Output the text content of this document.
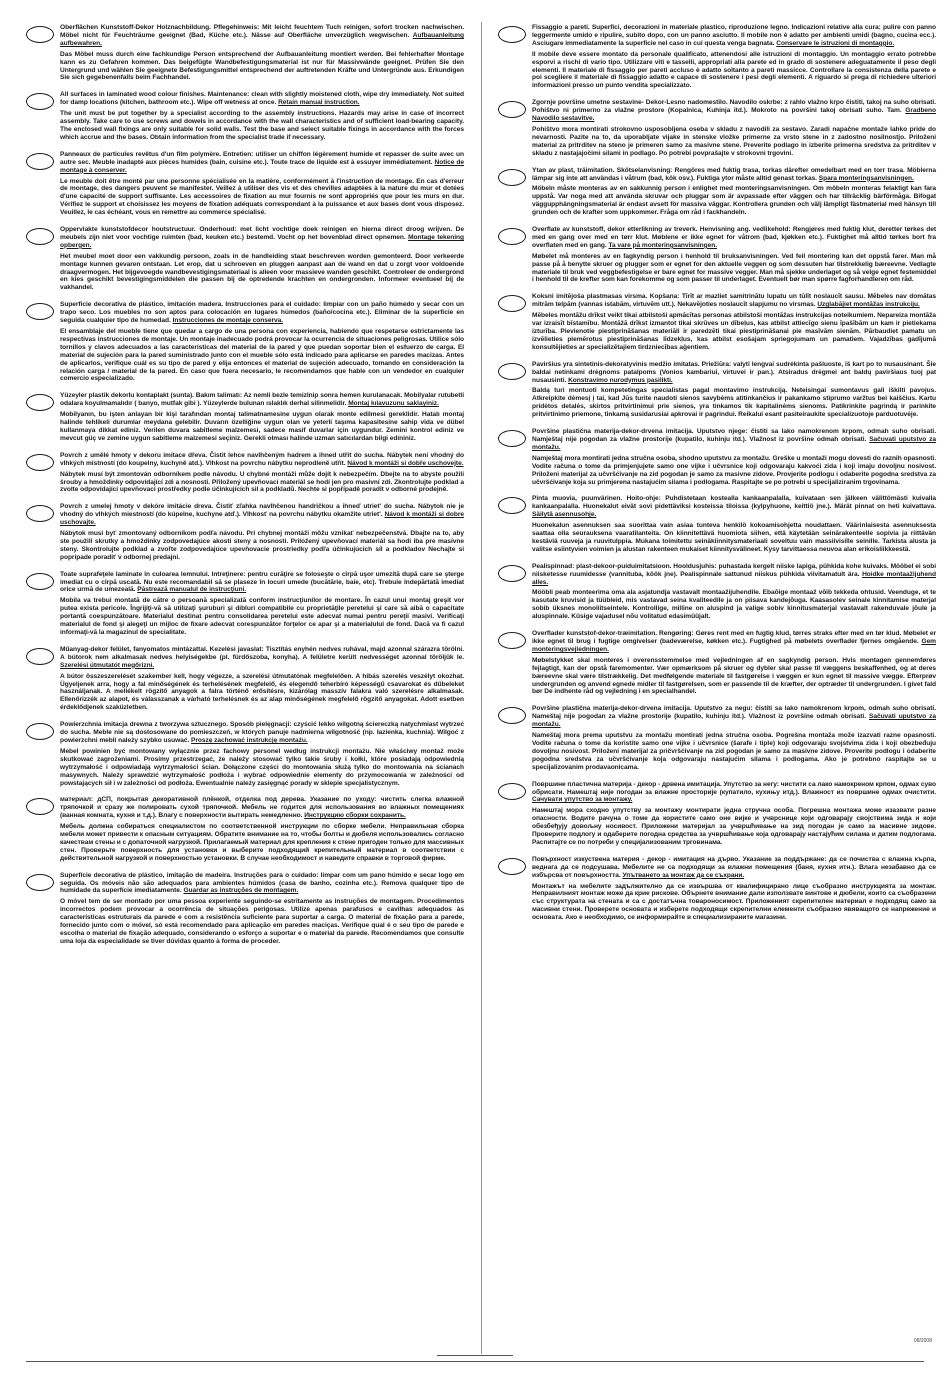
Oberflächen Kunststoff-Dekor Holznachbildung. Pflegehinweis: Mit leicht feuchtem Tuch reinigen, sofort trocken nachwischen. Möbel nicht für Feuchträume geeignet (Bad, Küche etc.). Nässe auf Oberfläche unverzüglich wegwischen. Aufbauanleitung aufbewahren.

Das Möbel muss durch eine fachkundige Person entsprechend der Aufbauanleitung montiert werden. Bei fehlerhafter Montage kann es zu Gefahren kommen. Das beigefügte Wandbefestigungsmaterial ist nur für Massivwände geeignet. Prüfen Sie den Untergrund und wählen Sie geeignete Befestigungsmittel entsprechend der auftretenden Kräfte und Untergründe aus. Erkundigen Sie sich gegebenenfalls beim Fachhandel.

All surfaces in laminated wood colour finishes. Maintenance: clean with slightly moistened cloth, wipe dry immediately. Not suited for damp locations (kitchen, bathroom etc.). Wipe off wetness at once. Retain manual instruction.

The unit must be put together by a specialist according to the assembly instructions. Hazards may arise in case of incorrect assembly. Take care to use screws and dowels in accordance with the wall characteristics and of sufficient load-bearing capacity. The enclosed wall fixings are only suitable for solid walls. Test the base and select suitable fixings in accordance with the forces which accrue and the bases. Obtain information from the specialist trade if necessary.

Panneaux de particules revêtus d'un film polymère. Entretien: utiliser un chiffon légèrement humide et repasser de suite avec un autre sec. Meuble inadapté aux pièces humides (bain, cuisine etc.). Toute trace de liquide est à essuyer immédiatement. Notice de montage à conserver.

Le meuble doit être monté par une personne spécialisée en la matière, conformément à l'instruction de montage. En cas d'erreur de montage, des dangers peuvent se manifester. Veillez à utiliser des vis et des chevilles adaptées à la nature du mur et dotées d'une capacité de support suffisante. Les accessoires de fixation au mur fournis ne sont appropriés que pour les murs en dur. Vérifiez le support et choisissez les moyens de fixation adéquats correspondant à la puissance et aux bases dont vous disposez. Veuillez, le cas échéant, vous en remettre au commerce spécialisé.

Oppervlakte kunststofdecor houtstructuur. Onderhoud: met licht vochtige doek reinigen en hierna direct droog wrijven. De meubels zijn niet voor vochtige ruimten (bad, keuken etc.) bestemd. Vocht op het bovenblad direct opnemen. Montage tekening opbergen.

Het meubel moet door een vakkundig persoon, zoals in de handleiding staat beschreven worden gemonteerd. Door verkeerde montage kunnen gevaren ontstaan. Let erop, dat u schroeven en pluggen aanpast aan de wand en dat u zorgt voor voldoende draagvermogen. Het bijgevoegde wandbevestigingsmateriaal is alleen voor massieve wanden geschikt. Controleer de ondergrond en kies geschikt bevestigingsmiddelen die passen bij de optredende krachten en ondergronden. Informeer eventueel bij de vakhandel.

Superficie decorativa de plástico, imitación madera. Instrucciones para el cuidado: limpiar con un paño húmedo y secar con un trapo seco. Los muebles no son aptos para colocación en lugares húmedos (baño/cocina etc.). Eliminar de la superficie en seguida cualquier tipo de humedad. Instrucciones de montaje conserva.

El ensamblaje del mueble tiene que quedar a cargo de una persona con experiencia, habiendo que respetarse estrictamente las respectivas instrucciones de montaje. Un montaje inadecuado podrá provocar la ocurrencia de situaciones peligrosas. Utilice sólo tornillos y clavos adecuados a las características del material de la pared y que puedan soportar bien el esfuerzo de carga. El material de sujeción para la pared suministrado junto con el mueble sólo está indicado para aplicarse en paredes macizas. Antes de aplicarlos, verifique cuál es su tipo de pared y elija entonces el material de sujeción adecuado, tomando en consideración la relación carga / material de la pared. En caso que fuera necesario, le recomendamos que hable con un vendedor en cualquier comercio especializado.

Yüzeyler plastik dekorlu kontaplakt (sunta). Bakım talimatı: Az nemli bezle temizlnip sonra hemen kurulanacak. Mobilyalar rutubetli odalara koyulmamalıdır ( banyo, mutfak gibi ). Yüzeylerde bulunan ıslaklık derhal silinmelidir. Montaj kılavuzunu saklayiniz.

Mobilyanın, bu işten anlayan bir kişi tarafından montaj talimatnamesine uygun olarak monte edilmesi gereklidir. Hatalı montaj halinde tehlikeli durumlar meydana gelebilir. Duvarın özelliğine uygun olan ve yeterli taşıma kapasitesine sahip vida ve dübel kullanmaya dikkat ediniz. Verilen duvara sabitleme malzemesi, sadece masif duvarlar için uygundur. Zemini kontrol ediniz ve mevcut güç ve zemine uygun sabitleme malzemesi seçiniz. Gerekli olması halinde uzman satıcılardan bilgi edininiz.

Povrch z umělé hmoty v dekoru imitace dřeva. Čistit lehce navlhčeným hadrem a ihned utřít do sucha. Nábytek není vhodný do vlhkých místností (do koupelny, kuchyně atd.). Vlhkost na povrchu nábytku neprodleně utřít. Návod k montáži si dobře uschovejte.

Nábytek musí být zmontován odborníkem podle návodu. U chybné montáži může dojít k nebezpečím. Dbejte na to abyste použili šrouby a hmoždinky odpovídající zdi a nosnosti. Přiložený upevňovací materiál se hodí jen pro masivní zdi. Zkontrolujte podklad a zvolte odpovídající upevňovací prostředky podle účinkujících sil a podkladů. Nechte si popřípadě poradit v odborné prodejně.

Povrch z umelej hmoty v dekóre imitácie dreva. Čistiť zľahka navlhčenou handričkou a ihneď utriet' do sucha. Nábytok nie je vhodný do vlhkých miestností (do kúpelne, kuchyne atď.). Vlhkosť na povrchu nábytku okamžite utriet'. Návod k montáži si dobre uschovajte.

Nábytok musí byť zmontovaný odborníkom podľa návodu. Pri chybnej montáži môžu vznikať nebezpečenstvá. Dbajte na to, aby ste použili skrutky a hmoždinky zodpovedajúce akosti steny a nosnosti. Priložený upevňovací materiál sa hodí iba pre masívne steny. Skontrolujte podklad a zvoľte zodpovedajúce upevňovacie prostriedky podľa účinkujúcich síl a podkladov Nechajte si poprípade poradiť v odbornej predajni.

Toate suprafeţele laminate în culoarea lemnului. Intreţinere: pentru curăţire se foloseşte o cîrpă uşor umezită după care se şterge imediat cu o cîrpă uscată. Nu este recomandabil să se plaseze în locuri umede (bucătărie, baie, etc). Trebuie îndepărtată imediat orice urmă de umezeală. Păstrează manualul de instrucţiuni.

Mobila va trebui montată de către o persoană specializată conform instrucţiunilor de montare. În cazul unui montaj greşit vor putea exista pericole. Îngrijiţi-vă să utilizaţi şuruburi şi dibluri compatibile cu proprietăţile peretelui şi care să aibă o capacitate portantă coespunzătoare. Materialul destinat pentru consolidarea peretelui este adecvat numai pentru pereţii masivi. Verificaţi materialul de fond şi alegeţi un mijloc de fixare adecvat corespunzător forţelor ce apar şi a materialului de fond. Dacă va fi cazul informaţi-vă la magazinul de specialitate.

Műanyag-dekor felület, fanyomatos mintázattal. Kezelési javaslat: Tisztítás enyhén nedves ruhával, majd azonnal szárazra törölni. A bútorok nem alkalmasak nedves helyiségekbe (pl. fürdőszoba, konyha). A felületre került nedvességet azonnal töröljük le. Szerelési útmutatót megőrizni.

A bútor összeszerelését szakember kell, hogy végezze, a szerelési útmutatónak megfelelően. A hibás szerelés veszélyt okozhat. Ügyeljenek arra, hogy a fal minőségének és terhelésének megfelelő, és elegendő teherbíró képességű csavarokat és dűbeleket használjanak. A mellékelt rögzítő anyagok a falra történő erősítésre, kizárólag masszív falakra való szerelésre alkalmasak. Ellenőrizzék az alapot, és válasszanak a várható terhelésnek és az alap minőségének megfelelő rögzítő anyagokat. Adott esetben érdeklődjenek szaküzletben.

Powierzchnia imitacja drewna z tworzywa sztucznego. Sposób pielęgnacji: czyścić lekko wilgotną ściereczką natychmiast wytrzeć do sucha. Meble nie są dostosowane do pomieszczeń, w których panuje nadmierna wilgotność (np. łazienka, kuchnia). Wilgoć z powierzchni mebli należy szybko usuwać. Proszę zachować instrukcję montażu.

Mebel powinien być montowany wyłącznie przez fachowy personel według instrukcji montażu. Nie właściwy montaż może skutkować zagrożeniami. Prosimy przestrzegać, że należy stosować tylko takie śruby i kołki, które posiadają odpowiednią wytrzymałość i odpowiadają wytrzymałości ścian. Dołączone części do montowania służą tylko do montowania na ścianach masywnych. Należy sprawdzić wytrzymałość podłoża i wybrać odpowiednie elementy do przymocowania w zależności od powstających sił i w zależności od podłoża. Ewentualnie należy zasięgnąć porady w sklepie specjalistycznym.

материал: дСП, покрытая декоративной плёнкой, отделка под дерева. Указание по уходу: чистить слегка влажной тряпочкой и сразу же полировать сухой тряпочкой. Мебель не годится для использования во влажных помещениях (ванная комната, кухня и т.д.). Влагу с поверхности вытирать немедленно. Инструкцию сборки сохранить.

Мебель должна собираться специалистом по соответственной инструкции по сборке мебели. Неправильная сборка мебели может привести к опасным ситуациям. Обратите внимание на то, чтобы болты и дюбеля использовались согласно качествам стены и с допаточной нагрузкой. Прилагаемый материал для крепления к стене пригоден только для массивных стен. Проверьте поверхность для установки и выберите подходящий крепительный материал в соответствии с действительной нагрузкой и поверхностью установки. В случае необходимост и наведите справки в торговой фирме.

Superfície decorativa de plástico, imitação de madeira. Instruções para o cuidado: limpar com um pano húmido e secar logo em seguida. Os móveis não são adequados para ambientes húmidos (casa de banho, cozinha etc.). Remova qualquer tipo de humidade da superfície imediatamente. Guardar as instruções de montagem.

O móvel tem de ser montado por uma pessoa experiente seguindo-se estritamente as instruções de montagem. Procedimentos incorrectos podem provocar a ocorrência de situações perigosas. Utilize apenas parafusos e cavilhas adequados às características estruturais da parede e com a resistência suficiente para suportar a carga. O material de fixação para a parede, fornecido junto com o móvel, só está recomendado para aplicação em paredes maciças. Verifique qual é o seu tipo de parede e escolha o material de fixação adequado, considerando o esforço a suportar e o material da parede. Recomendamos que consulte uma loja da especialidade se tiver dúvidas quanto à forma de proceder.

Fissaggio a pareti. Superfici, decorazioni in materiale plastico, riproduzione legno. Indicazioni relative alla cura: pulire con panno leggermente umido e ripulire, subito dopo, con un panno asciutto. Il mobile non è adatto per ambienti umidi (bagno, cucina ecc.). Asciugare immediatamente la superficie nel caso in cui questa venga bagnata. Conservare le istruzioni di montaggio.

Il mobile deve essere montato da personale qualificato, attenendosi alle istruzioni di montaggio. Un montaggio errato potrebbe esporvi a rischi di vario tipo. Utilizzare viti e tasselli, appropriati alla parete ed in grado di sostenere adeguatamente il peso degli elementi. Il materiale di fissaggio per pareti accluso è adatto soltanto a pareti massicce. Controllare la consistenza della parete e poi scegliere il materiale di fissaggio adatto e capace di sostenere i pesi degli elementi. A riguardo si prega di richiedere ulteriori informazioni presso un punto vendita specializzato.

Zgornje površine umetne sestavine- Dekor-Lesno nadomestilo. Navodilo oskrbe: z rahlo vlažno krpo čistiti, takoj na suho obrisati. Pohištvo ni primerno za vlažne prostore (Kopalnica, Kuhinja itd.). Mokroto na površini takoj obrisati suho. Tam. Gradbeno Navodilo sestavitve.

Pohištvo mora montirati strokovno usposobljena oseba v skladu z navodili za sestavo. Zaradi napačne montaže lahko pride do nevarnosti. Pazite na to, da uporabljate vijake in stenske vložke primerne za vrsto stene in z zadostno nosilnostjo. Priloženi material za pritrditev na steno je primeren samo za masivne stene. Preverite podlago in izberite primerna sredstva za pritrditev v skladu z nastajajočimi silami in podlago. Po potrebi povprašajte v strokovni trgovini.

Ytan av plast, träimitation. Skötselanvisning: Rengöres med fuktig trasa, torkas därefter omedelbart med en torr trasa. Möblerna lämpar sig inte att användas i våtrum (bad, kök osv.). Fuktiga ytor måste alltid genast torkas. Spara monteringsanvisningen.

Möbeln måste monteras av en sakkunnig person i enlighet med monteringsanvisningen. Om möbeln monteras felaktigt kan fara uppstå. Var noga med att använda skruvar och pluggar som är avpassade efter väggen och har tillräcklig bärförmåga. Bifogat väggupphängningsmaterial är endast avsett för massiva väggar. Kontrollera grunden och välj lämpligt fästmaterial med hänsyn till grunden och de krafter som uppkommer. Fråga om råd i fackhandeln.

Overflate av kunststoff, dekor etterlikning av treverk. Henvisning ang. vedlikehold: Rengjøres med fuktig klut, deretter tørkes det med en gang over med en tørr klut. Møblene er ikke egnet for våtrom (bad, kjøkken etc.). Fuktighet må alltid tørkes bort fra overflaten med en gang. Ta vare på monteringsanvisningen.

Møbelet må monteres av en fagkyndig person i henhold til bruksanvisningen. Ved feil montering kan det oppstå farer. Man må passe på å benytte skruer og plugger som er egnet for den aktuelle veggen og som dessuten har tilstrekkelig bæreevne. Vedlagte materiale til bruk ved veggbefestigelse er bare egnet for massive vegger. Man må sjekke underlaget og så velge egnet festemiddel i henhold til de krefter som kan forekomme og som passer til underlaget. Eventuelt bør man spørre fagforhandleren om råd.

Koksni imitējoša plastmasas virsma. Kopšana: Tīrīt ar mazliet samitrinātu lupatu un tūlīt noslaucīt sausu. Mēbeles nav domātas mitrām telpām (vannas istabām, virtuvēm utt.). Nekavējoties noslaucīt slapjumu no virsmas. Uzglabājiet montāžas instrukciju.

Mēbeles montāžu drīkst veikt tikai atbilstoši apmācītas personas atbilstoši montāžas instrukcijas noteikumiem. Nepareiza montāža var izraisīt bīstamību. Montāžā drīkst izmantot tikai skrūves un dībeļus, kas atbilst attiecīgo sienu īpašībām un kam ir pietiekama izturība. Pievienotie piestiprināšanas materiāli ir paredzēti tikai piestiprināšanai pie masīvām sienām. Pārbaudiet pamatu un izvēlieties piemērotus piestiprināšanas līdzekļus, kas atbilst esošajam spriegojumam un pamatiem. Vajadzības gadījumā konsultējieties ar specializētajiem tirdzniecības aģentiem.

Paviršius yra sintetinis-dekoratyvinis medžio imitatas. Priežiūra: valyti lengvai sudrėkinta pašluoste, iš kart po to nusausinant. Šie baldai netinkami drėgnoms patalpoms (Vonios kambariui, virtuvei ir pan.). Atsiradus drėgmei ant baldų paviršiaus tuoj pat nusausinti. Konstravimo nurodymus pasilikti.

Baldą turi montuoti kompetetingas specialistas pagal montavimo instrukciją. Neteisingai sumontavus gali iškilti pavojus. Atkreipkite dėmesį į tai, kad Jūs turite naudoti sienos savybėms atitinkančius ir pakankamo stiprumo varžtus bei kaiščius. Kartu pridėtos detalės, skirtos pritvirtinimui prie sienos, yra tinkamos tik kapitalinėms sienoms. Patikrinkite pagrindą ir parinkite pritvirtinimo priemone, tinkamą susidarusiai apkrovai ir pagrindui. Reikalui esant pasiteiraukite specializuotoje parduotuvėje.

Površine plastična materija-dekor-drvena imitacija. Uputstvo njege: čistiti sa lako namokrenom krpom, odmah suho obrisati. Namještaj nije pogodan za vlažne prostorije (kupatilo, kuhinju itd.). Vlažnost iz površine odmah obrisati. Sačuvati uputstvo za montažu.

Namještaj mora montirati jedna stručna osoba, shodno uputstvu za montažu. Greške u montaži mogu dovesti do raznih opasnosti. Vodite računa o tome da primjenjujete samo one vijke i učvrsnice koji odgovaraju kakvoći zida i koji imaju dovoljnu nosivost. Priloženi materijal za učvršćivanje na zid pogodan je samo za masivne zidove. Provjerite podlogu i odaberite pogodna sredstva za učvršćivanje koja su primjerena nastajućim silama i podlogama. Raspitajte se po potrebi u specijaliziranim trgovinama.

Pinta muovia, puunvärinen. Hoito-ohje: Puhdistetaan kostealla kankaanpalalla, kuivataan sen jälkeen välittömästi kuivalla kankaanpalalla. Huonekalut eivät sovi pidettäviksi kosteissa tiloissa (kylpyhuone, keittiö jne.). Märät pinnat on heti kuivattava. Säilytä asennusohje.

Huonekalun asennuksen saa suorittaa vain asiaa tunteva henkilö kokoamisohjetta noudattaen. Väärinlaisesta asennuksesta saattaa olla seurauksena vaaratilanteita. On kiinnitettävä huomiota siihen, että käytetään seinärakenteelle sopivia ja riittävän kestäviä ruuveja ja ruuvitulppia. Mukana toimitettu seinäkiinnitysmateriaali soveltuu vain massiivisille seinille. Tarkista alusta ja valitse esiintyvien voimien ja alustan rakenteen mukaiset kiinnitysvälineet. Kysy tarvittaessa neuvoa alan erikoisliikkeestä.

Pealispinnad: plast-dekoor-puiduimitatsioon. Hooldusjuhis: puhastada kergelt niiske lapiga, pühkida kohe kuivaks. Mööbel ei sobi niisketesse ruumidesse (vannituba, köök jne). Pealispinnale sattunud niiskus pühkida viivitamatult ära. Hoidke montaažijuhend alles.

Mööbli peab monteerima oma ala asjatundja vastavalt montaažijuhendile. Ebaõige montaaž võib tekkeda ohtusid. Veenduge, et te kasutate kruvisid ja tüübleid, mis vastavad seina kvaliteedile ja on piisava kandejõuga. Kaasasolev seinale kinnitamise materjal sobib üksnes monoliitseintele. Kontrollige, milline on aluspind ja valige sobiv kinnitusmaterjal vastavalt rakenduvale jõule ja aluspinnale. Küsige vajadusel nõu volitatud edasimüüjalt.

Overflader kunststof-dekor-træimitation. Rengøring: Gøres rent med en fugtig klud, tørres straks efter med en tør klud. Møbelet er ikke egnet til brug i fugtige omgivelser (badeværelse, køkken etc.). Fugtighed på møbelets overflader fjernes omgående. Gem monteringsvejledningen.

Møbelstykket skal monteres i overensstemmelse med vejledningen af en sagkyndig person. Hvis montagen gennemføres fejlagtigt, kan der opstå faremomenter. Vær opmærksom på skruer og dybler skal passe til væggens beskaffenhed, og at deres bæreevne skal være tilstrækkelig. Det medfølgende materiale til fastgørelse i væggen er kun egnet til massive vægge. Efterprøv undergrunden og anvend egnede midler til fastgørelsen, som er passende til de kræfter, der optræder til undergrunden. I givet fald bør De indhente råd og vejledning i en specialhandel.

Površine plastična materija-dekor-drvena imitacija. Uputstvo za negu: čistiti sa lako namokrenom krpom, odmah suho obrisati. Nameštaj nije pogodan za vlažne prostorije (kupatilo, kuhinju itd.). Vlažnost iz površine odmah obrisati. Sačuvati uputstvo za montažu.

Nameštaj mora prema uputstvu za montažu montirati jedna stručna osoba. Pogrešna montaža može izazvati razne opasnosti. Vodite računa o tome da koristite samo one vijke i učvrsnice (šarafe i tiple) koji odgovaraju svojstvima zida i koji obezbeđuju dovoljnu nosivost. Priloženi materijal za pričvršćivanje na zid pogodan je samo za masivne zidove. Proverite podlogu i odaberite pogodna sredstva za učvršćivanje koja odgovaraju nastajućim silama i podlogama. Ako je potrebno raspitajte se u specijalizovanim prodavaonicama.

Површине пластична материја - декор - дрвена имитација. Упутство за негу: чистити са лако намокреном крпом, одмах суво обрисати. Намештај није погодан за влажне просторије (купатило, кухињу итд.). Влажност из површине одмах очистити. Сачувати упутство за монтажу.

Намештај мора сходно упутству за монтажу монтирати једна стручна особа. Погрешна монтажа може изазвати разне опасности. Водите рачуна о томе да користите само оне вијке и учврснице који одговарају својствима зида и који обезбеђују довољну носивост. Приложени материјал за учвршћивање на зид погодан је само за масивне зидове. Проверите подлогу и одаберите погодна средства за учвршћивање која одговарају настајућим силама и датим подлогама. Распитајте се по потреби у специјализованим трговинама.

Повърхност изкуствена материя - декор - имитация на дърво. Указание за поддържане: да се почиства с влажна кърпа, веднага да се подсушава. Мебелите не са подходящи за влажни помещения (баня, кухня итн.). Влага незабавно да се избърсва от повърхността. Упътването за монтаж да се съхрани.

Монтажът на мебелите задължително да се извършва от квалифицирано лице съобразно инструкцията за монтаж. Неправилният монтаж може да крие рискове. Обърнете внимание дали използвате винтове и дюбели, които са съобразени със структурата на стената и са с достатъчна товароносимост. Приложеният скрепителен материал е подходящ само за масивни стени. Проверете основата и изберете подходящи скрепителни елементи съобразно явяващото се напрежение и основата. Ако е необходимо, се информирайте в специализираните магазини.

08/2008
